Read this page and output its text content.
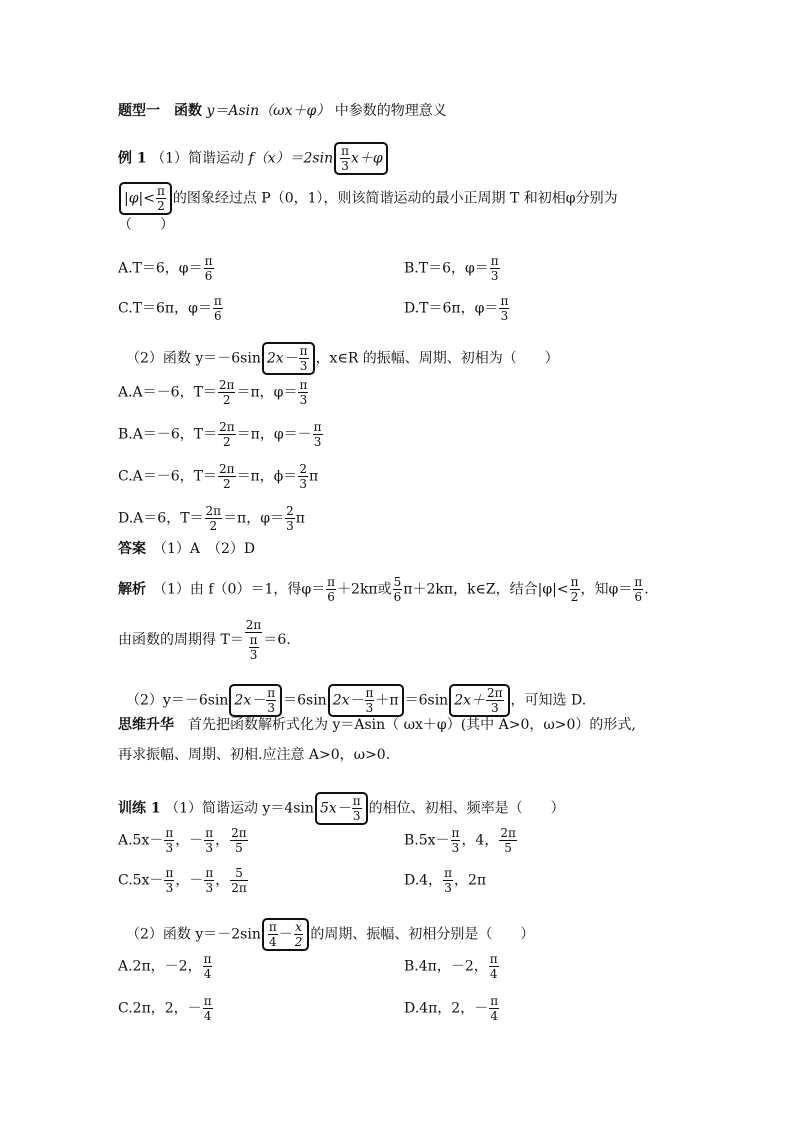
题型一　函数 y＝Asin（ωx＋φ） 中参数的物理意义
例 1 （1）简谐运动 $f(x)=2\sin \frac{\pi}{3} x+\varphi$
$|\varphi|< \frac{\pi}{2}$ 的图象经过点 P（0，1），则该简谐运动的最小正周期 T 和初相φ分别为
（　　）
A.T＝6，$\varphi= \frac{\pi}{6}$	B.T＝6，$\varphi= \frac{\pi}{3}$
C.T＝6π，$\varphi= \frac{\pi}{6}$	D.T＝6π，$\varphi= \frac{\pi}{3}$
（2）函数 y＝－6sin $2x- \frac{\pi}{3}$ ，x∈R 的振幅、周期、初相为（　　）
A.A＝－6，$T= \frac{2\pi}{2} =\pi$，$\varphi= \frac{\pi}{3}$
B.A＝－6，$T= \frac{2\pi}{2} =\pi$，$\varphi=- \frac{\pi}{3}$
C.A＝－6，$T= \frac{2\pi}{2} =\pi$，$\phi= \frac{2}{3}$ π
D.A＝6，$T= \frac{2\pi}{2} =\pi$，$\varphi= \frac{2}{3}$ π
答案　 （1）A　（2）D
解析　 （1）由 f（0）＝1，得$\varphi= \frac{\pi}{6} +2k\pi$或 $\frac{5}{6} \pi+2k\pi$，k∈Z，结合$|\varphi|< \frac{\pi}{2}$ ，知$\varphi= \frac{\pi}{6}$ .
由函数的周期得 $T= \frac{2\pi}{\frac{\pi}{3}} =6$.
（2）y＝－6sin $2x- \frac{\pi}{3} =6\sin$ $2x- \frac{\pi}{3} +\pi =6\sin$ $2x+ \frac{2\pi}{3}$ ，可知选 D.
思维升华　 首先把函数解析式化为 y＝Asin（ ωx＋φ）(其中 A>0，ω>0）的形式,
再求振幅、周期、初相.应注意 A>0，ω>0.
训练 1 （1）简谐运动 y＝4sin $5x- \frac{\pi}{3}$ 的相位、初相、频率是（　　）
$A.5x- \frac{\pi}{3}$ ，－ $\frac{\pi}{3}$ ， $\frac{2\pi}{5}$	$B.5x- \frac{\pi}{3}$ ，4， $\frac{2\pi}{5}$
$C.5x- \frac{\pi}{3}$ ，－ $\frac{\pi}{3}$ ， $\frac{5}{2\pi}$	D.4， $\frac{\pi}{3}$ ，2π
（2）函数 $y=-2\sin \frac{\pi}{4} - \frac{x}{2}$ 的周期、振幅、初相分别是（　　）
A.2π，－2， $\frac{\pi}{4}$	B.4π，－2， $\frac{\pi}{4}$
C.2π，2，－ $\frac{\pi}{4}$	D.4π，2，－ $\frac{\pi}{4}$
